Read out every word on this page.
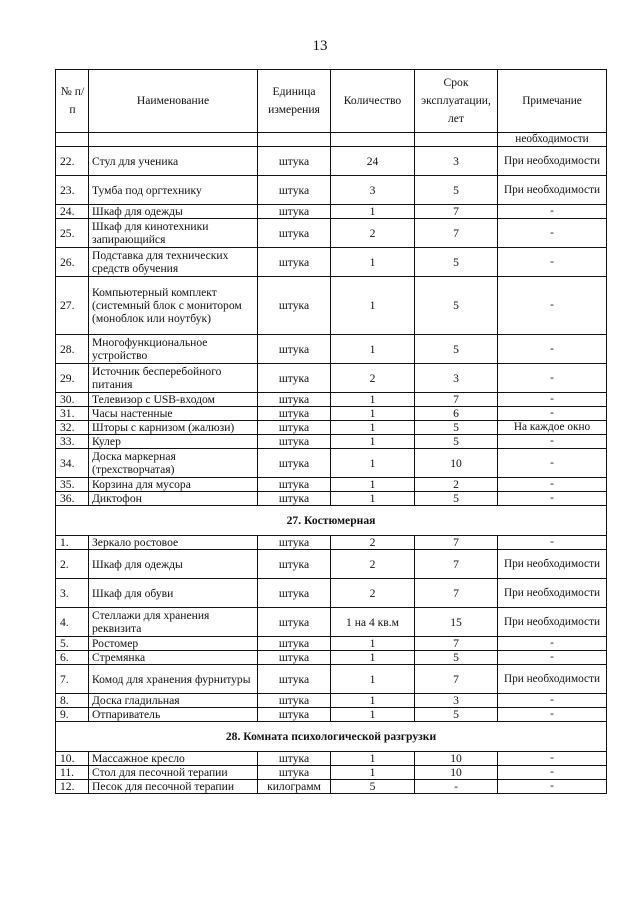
13
№ п/п	Наименование	Единица измерения	Количество	Срок эксплуатации, лет	Примечание
					необходимости
22.	Стул для ученика	штука	24	3	При необходимости
23.	Тумба под оргтехнику	штука	3	5	При необходимости
24.	Шкаф для одежды	штука	1	7	-
25.	Шкаф для кинотехники запирающийся	штука	2	7	-
26.	Подставка для технических средств обучения	штука	1	5	-
27.	Компьютерный комплект (системный блок с монитором (моноблок или ноутбук)	штука	1	5	-
28.	Многофункциональное устройство	штука	1	5	-
29.	Источник бесперебойного питания	штука	2	3	-
30.	Телевизор с USB-входом	штука	1	7	-
31.	Часы настенные	штука	1	6	-
32.	Шторы с карнизом (жалюзи)	штука	1	5	На каждое окно
33.	Кулер	штука	1	5	-
34.	Доска маркерная (трехстворчатая)	штука	1	10	-
35.	Корзина для мусора	штука	1	2	-
36.	Диктофон	штука	1	5	-
27. Костюмерная					
1.	Зеркало ростовое	штука	2	7	-
2.	Шкаф для одежды	штука	2	7	При необходимости
3.	Шкаф для обуви	штука	2	7	При необходимости
4.	Стеллажи для хранения реквизита	штука	1 на 4 кв.м	15	При необходимости
5.	Ростомер	штука	1	7	-
6.	Стремянка	штука	1	5	-
7.	Комод для хранения фурнитуры	штука	1	7	При необходимости
8.	Доска гладильная	штука	1	3	-
9.	Отпариватель	штука	1	5	-
28. Комната психологической разгрузки					
10.	Массажное кресло	штука	1	10	-
11.	Стол для песочной терапии	штука	1	10	-
12.	Песок для песочной терапии	килограмм	5	-	-
